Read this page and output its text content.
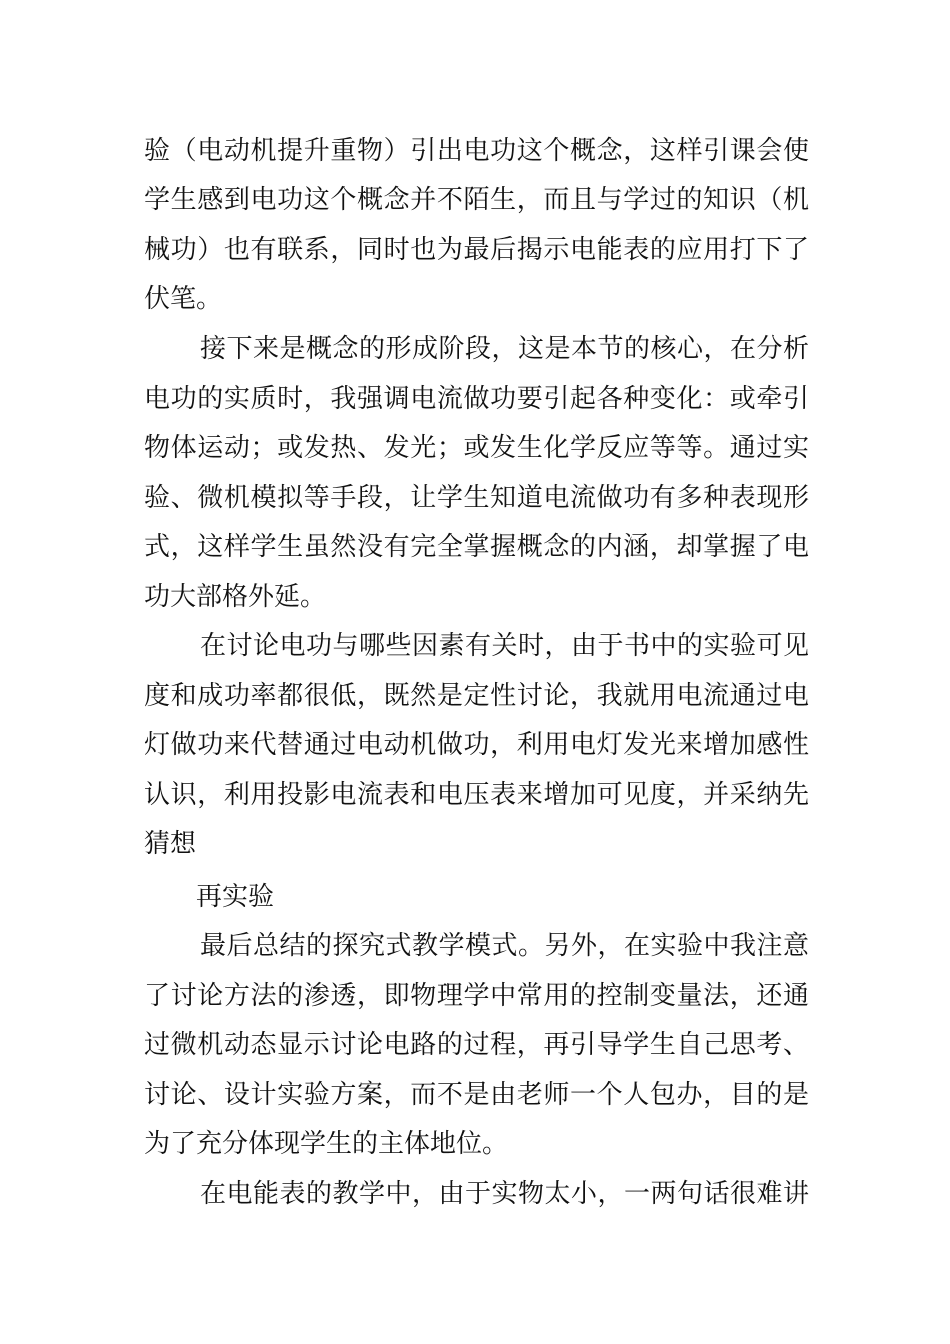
验（电动机提升重物）引出电功这个概念，这样引课会使
学生感到电功这个概念并不陌生，而且与学过的知识（机
械功）也有联系，同时也为最后揭示电能表的应用打下了
伏笔。
接下来是概念的形成阶段，这是本节的核心，在分析
电功的实质时，我强调电流做功要引起各种变化：或牵引
物体运动；或发热、发光；或发生化学反应等等。通过实
验、微机模拟等手段，让学生知道电流做功有多种表现形
式，这样学生虽然没有完全掌握概念的内涵，却掌握了电
功大部格外延。
在讨论电功与哪些因素有关时，由于书中的实验可见
度和成功率都很低，既然是定性讨论，我就用电流通过电
灯做功来代替通过电动机做功，利用电灯发光来增加感性
认识，利用投影电流表和电压表来增加可见度，并采纳先
猜想
再实验
最后总结的探究式教学模式。另外，在实验中我注意
了讨论方法的渗透，即物理学中常用的控制变量法，还通
过微机动态显示讨论电路的过程，再引导学生自己思考、
讨论、设计实验方案，而不是由老师一个人包办，目的是
为了充分体现学生的主体地位。
在电能表的教学中，由于实物太小，一两句话很难讲
